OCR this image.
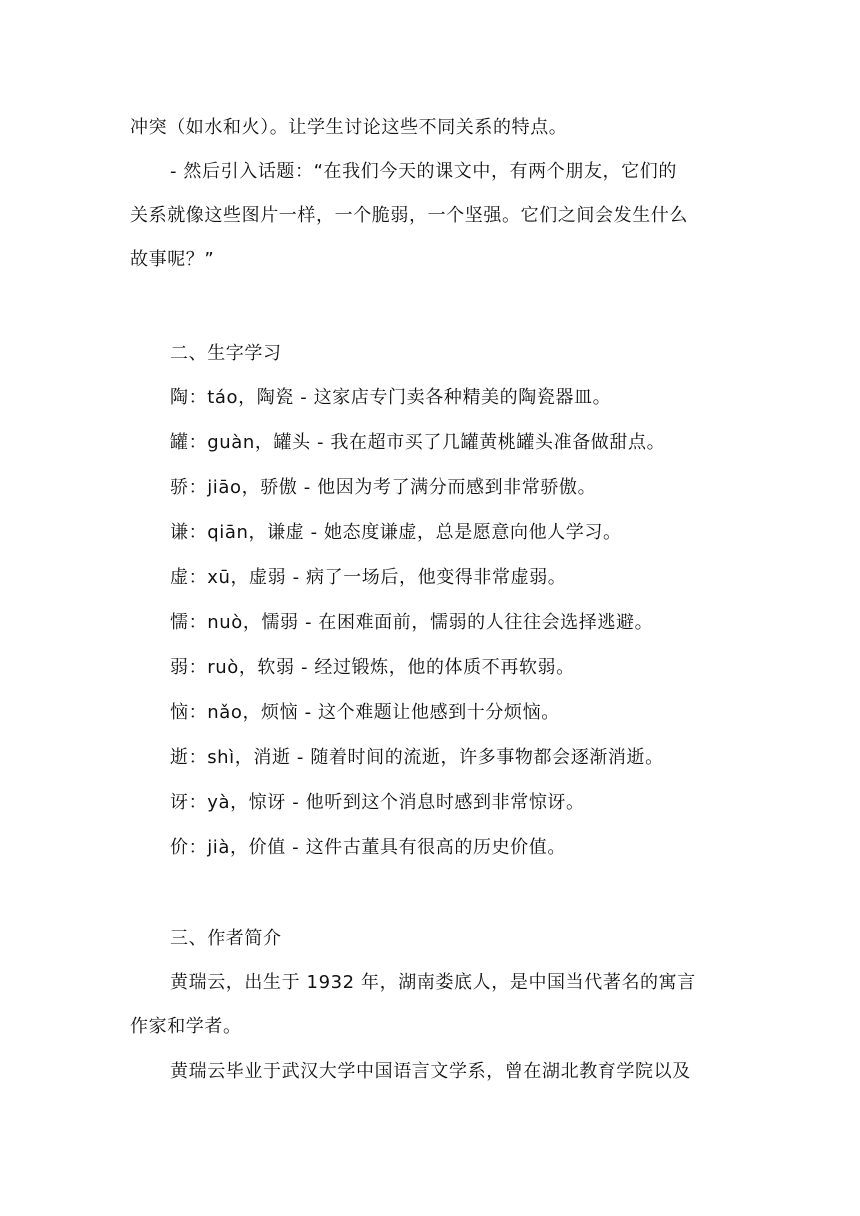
冲突（如水和火）。让学生讨论这些不同关系的特点。
- 然后引入话题：“在我们今天的课文中，有两个朋友，它们的
关系就像这些图片一样，一个脆弱，一个坚强。它们之间会发生什么
故事呢？”
二、生字学习
陶：táo，陶瓷 - 这家店专门卖各种精美的陶瓷器皿。
罐：guàn，罐头 - 我在超市买了几罐黄桃罐头准备做甜点。
骄：jiāo，骄傲 - 他因为考了满分而感到非常骄傲。
谦：qiān，谦虚 - 她态度谦虚，总是愿意向他人学习。
虚：xū，虚弱 - 病了一场后，他变得非常虚弱。
懦：nuò，懦弱 - 在困难面前，懦弱的人往往会选择逃避。
弱：ruò，软弱 - 经过锻炼，他的体质不再软弱。
恼：nǎo，烦恼 - 这个难题让他感到十分烦恼。
逝：shì，消逝 - 随着时间的流逝，许多事物都会逐渐消逝。
讶：yà，惊讶 - 他听到这个消息时感到非常惊讶。
价：jià，价值 - 这件古董具有很高的历史价值。
三、作者简介
黄瑞云，出生于 1932 年，湖南娄底人，是中国当代著名的寓言
作家和学者。
黄瑞云毕业于武汉大学中国语言文学系，曾在湖北教育学院以及
